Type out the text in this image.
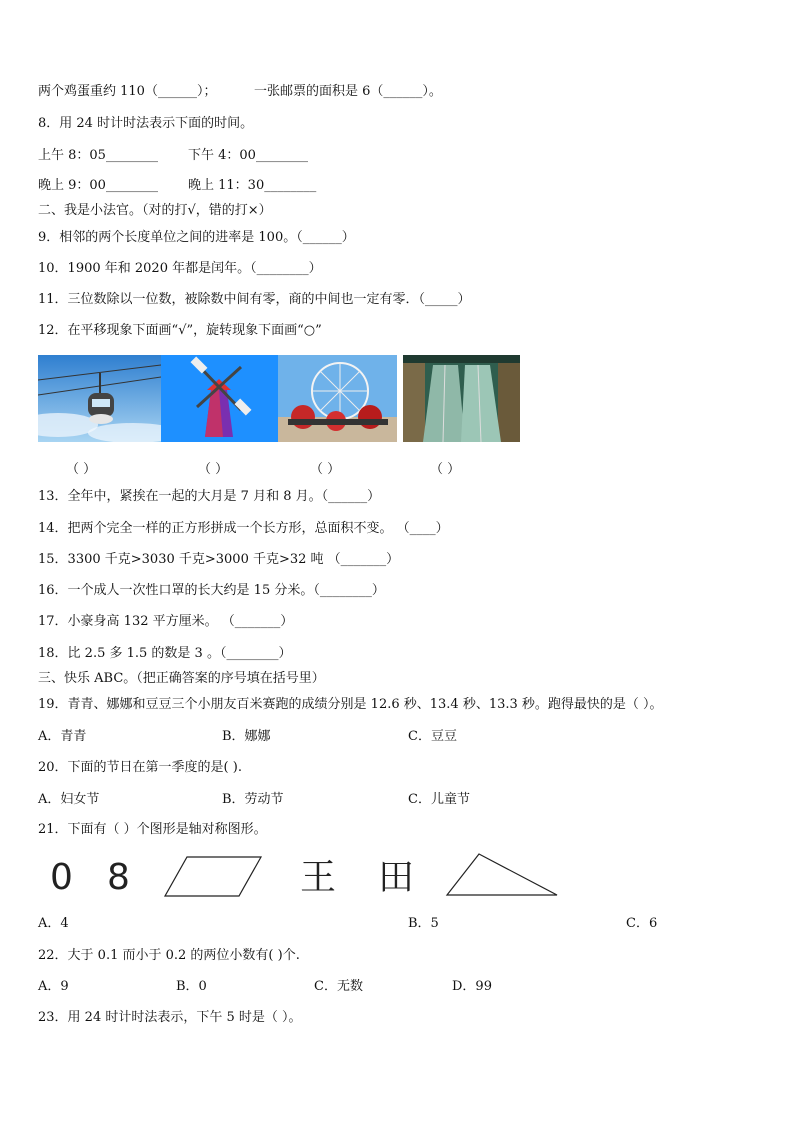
两个鸡蛋重约 110（______）；	一张邮票的面积是 6（______）。
8．用 24 时计时法表示下面的时间。
上午 8：05________ 下午 4：00________
晚上 9：00________ 晚上 11：30________
二、我是小法官。（对的打√，错的打×）
9．相邻的两个长度单位之间的进率是 100。（______）
10．1900 年和 2020 年都是闰年。（________）
11．三位数除以一位数，被除数中间有零，商的中间也一定有零．（_____）
12．在平移现象下面画“√”，旋转现象下面画“○”
（ ）	（ ）	（ ）	（ ）
13．全年中，紧挨在一起的大月是 7 月和 8 月。（______）
14．把两个完全一样的正方形拼成一个长方形，总面积不变。 （____）
15．3300 千克>3030 千克>3000 千克>32 吨 （_______）
16．一个成人一次性口罩的长大约是 15 分米。（________）
17．小豪身高 132 平方厘米。 （_______）
18．比 2.5 多 1.5 的数是 3 。（________）
三、快乐 ABC。（把正确答案的序号填在括号里）
19．青青、娜娜和豆豆三个小朋友百米赛跑的成绩分别是 12.6 秒、13.4 秒、13.3 秒。跑得最快的是（ ）。
A．青青	B．娜娜	C．豆豆
20．下面的节日在第一季度的是( ).
A．妇女节	B．劳动节	C．儿童节
21．下面有（ ）个图形是轴对称图形。
0 8	王 田
A．4	B．5	C．6
22．大于 0.1 而小于 0.2 的两位小数有( )个.
A．9	B．0	C．无数	D．99
23．用 24 时计时法表示，下午 5 时是（ ）。
